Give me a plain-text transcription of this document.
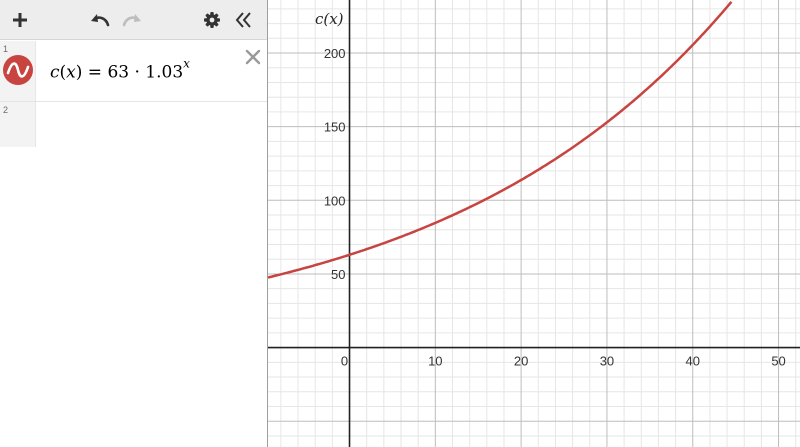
1
$c(x) = 63 \cdot 1.03^x$
2
0	10	20	30	40	50
50
100
150
200
c(x)
